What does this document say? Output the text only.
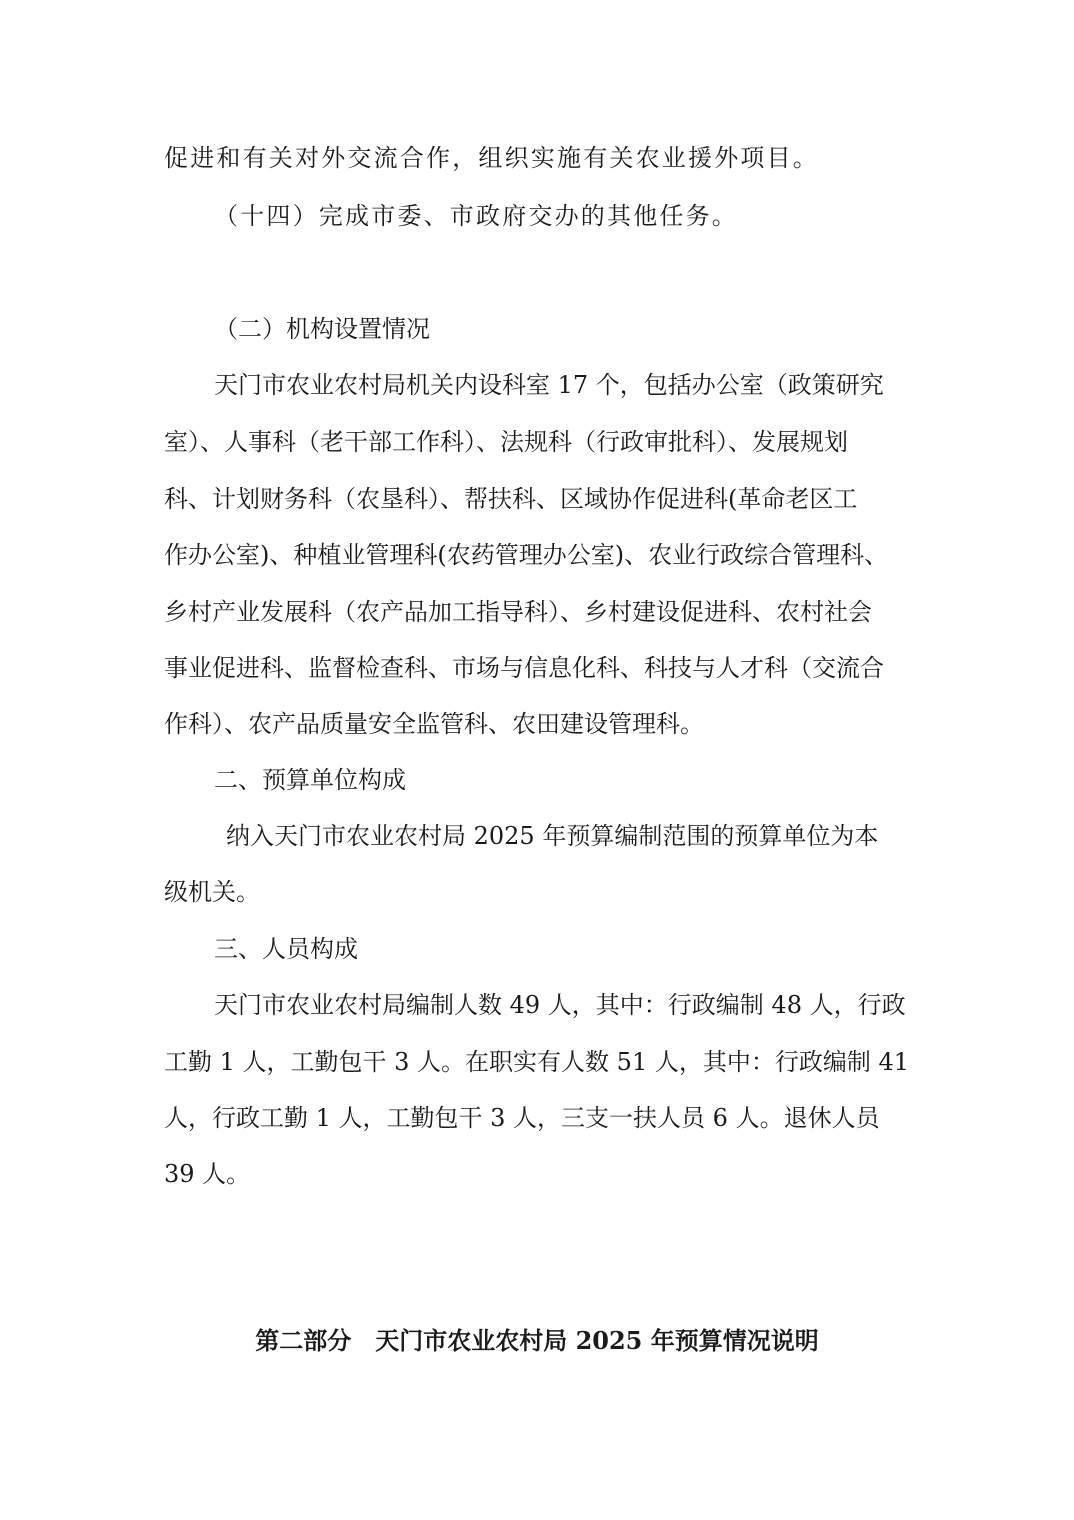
促进和有关对外交流合作，组织实施有关农业援外项目。
（十四）完成市委、市政府交办的其他任务。
（二）机构设置情况
天门市农业农村局机关内设科室 17 个，包括办公室（政策研究
室）、人事科（老干部工作科）、法规科（行政审批科）、发展规划
科、计划财务科（农垦科）、帮扶科、区域协作促进科(革命老区工
作办公室)、种植业管理科(农药管理办公室)、农业行政综合管理科、
乡村产业发展科（农产品加工指导科）、乡村建设促进科、农村社会
事业促进科、监督检查科、市场与信息化科、科技与人才科（交流合
作科）、农产品质量安全监管科、农田建设管理科。
二、预算单位构成
纳入天门市农业农村局 2025 年预算编制范围的预算单位为本
级机关。
三、人员构成
天门市农业农村局编制人数 49 人，其中：行政编制 48 人，行政
工勤 1 人，工勤包干 3 人。在职实有人数 51 人，其中：行政编制 41
人，行政工勤 1 人，工勤包干 3 人，三支一扶人员 6 人。退休人员
39 人。
第二部分　天门市农业农村局 2025 年预算情况说明
